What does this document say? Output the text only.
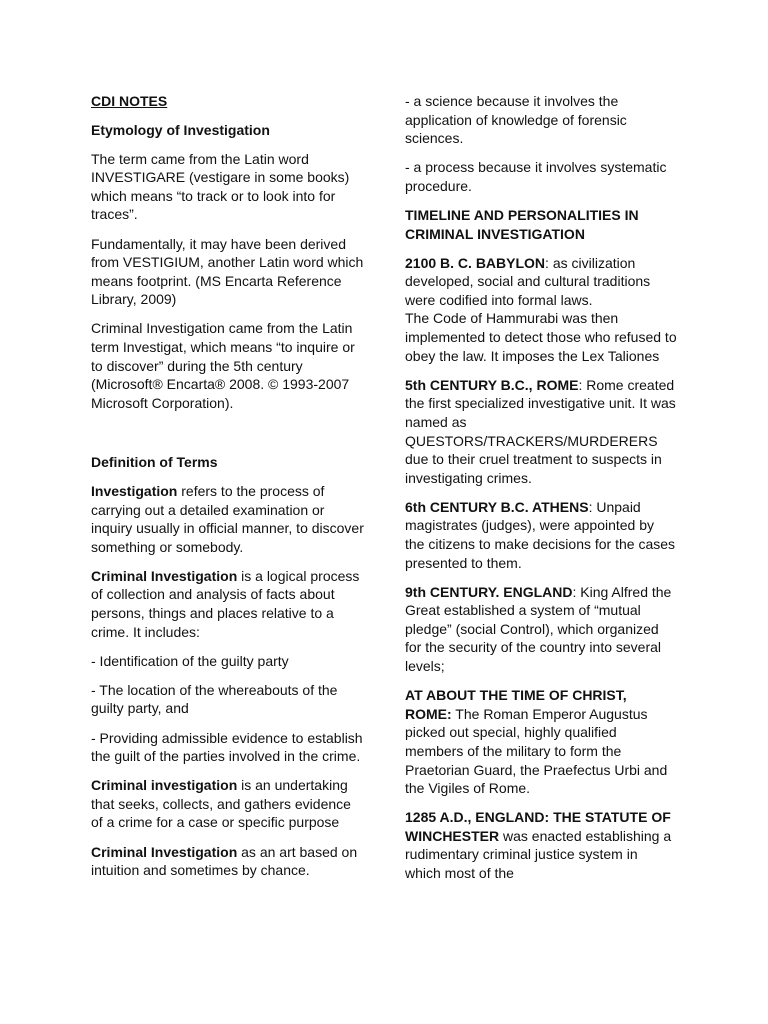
CDI NOTES

Etymology of Investigation

The term came from the Latin word INVESTIGARE (vestigare in some books) which means “to track or to look into for traces”.

Fundamentally, it may have been derived from VESTIGIUM, another Latin word which means footprint. (MS Encarta Reference Library, 2009)

Criminal Investigation came from the Latin term Investigat, which means “to inquire or to discover” during the 5th century (Microsoft® Encarta® 2008. © 1993-2007 Microsoft Corporation).

Definition of Terms

Investigation refers to the process of carrying out a detailed examination or inquiry usually in official manner, to discover something or somebody.

Criminal Investigation is a logical process of collection and analysis of facts about persons, things and places relative to a crime. It includes:

- Identification of the guilty party

- The location of the whereabouts of the guilty party, and

- Providing admissible evidence to establish the guilt of the parties involved in the crime.

Criminal investigation is an undertaking that seeks, collects, and gathers evidence of a crime for a case or specific purpose

Criminal Investigation as an art based on intuition and sometimes by chance.

- a science because it involves the application of knowledge of forensic sciences.

- a process because it involves systematic procedure.

TIMELINE AND PERSONALITIES IN CRIMINAL INVESTIGATION

2100 B. C. BABYLON: as civilization developed, social and cultural traditions were codified into formal laws.
The Code of Hammurabi was then implemented to detect those who refused to obey the law. It imposes the Lex Taliones

5th CENTURY B.C., ROME: Rome created the first specialized investigative unit. It was named as QUESTORS/TRACKERS/MURDERERS due to their cruel treatment to suspects in investigating crimes.

6th CENTURY B.C. ATHENS: Unpaid magistrates (judges), were appointed by the citizens to make decisions for the cases presented to them.

9th CENTURY. ENGLAND: King Alfred the Great established a system of “mutual pledge” (social Control), which organized for the security of the country into several levels;

AT ABOUT THE TIME OF CHRIST, ROME: The Roman Emperor Augustus picked out special, highly qualified members of the military to form the Praetorian Guard, the Praefectus Urbi and the Vigiles of Rome.

1285 A.D., ENGLAND: THE STATUTE OF WINCHESTER was enacted establishing a rudimentary criminal justice system in which most of the
